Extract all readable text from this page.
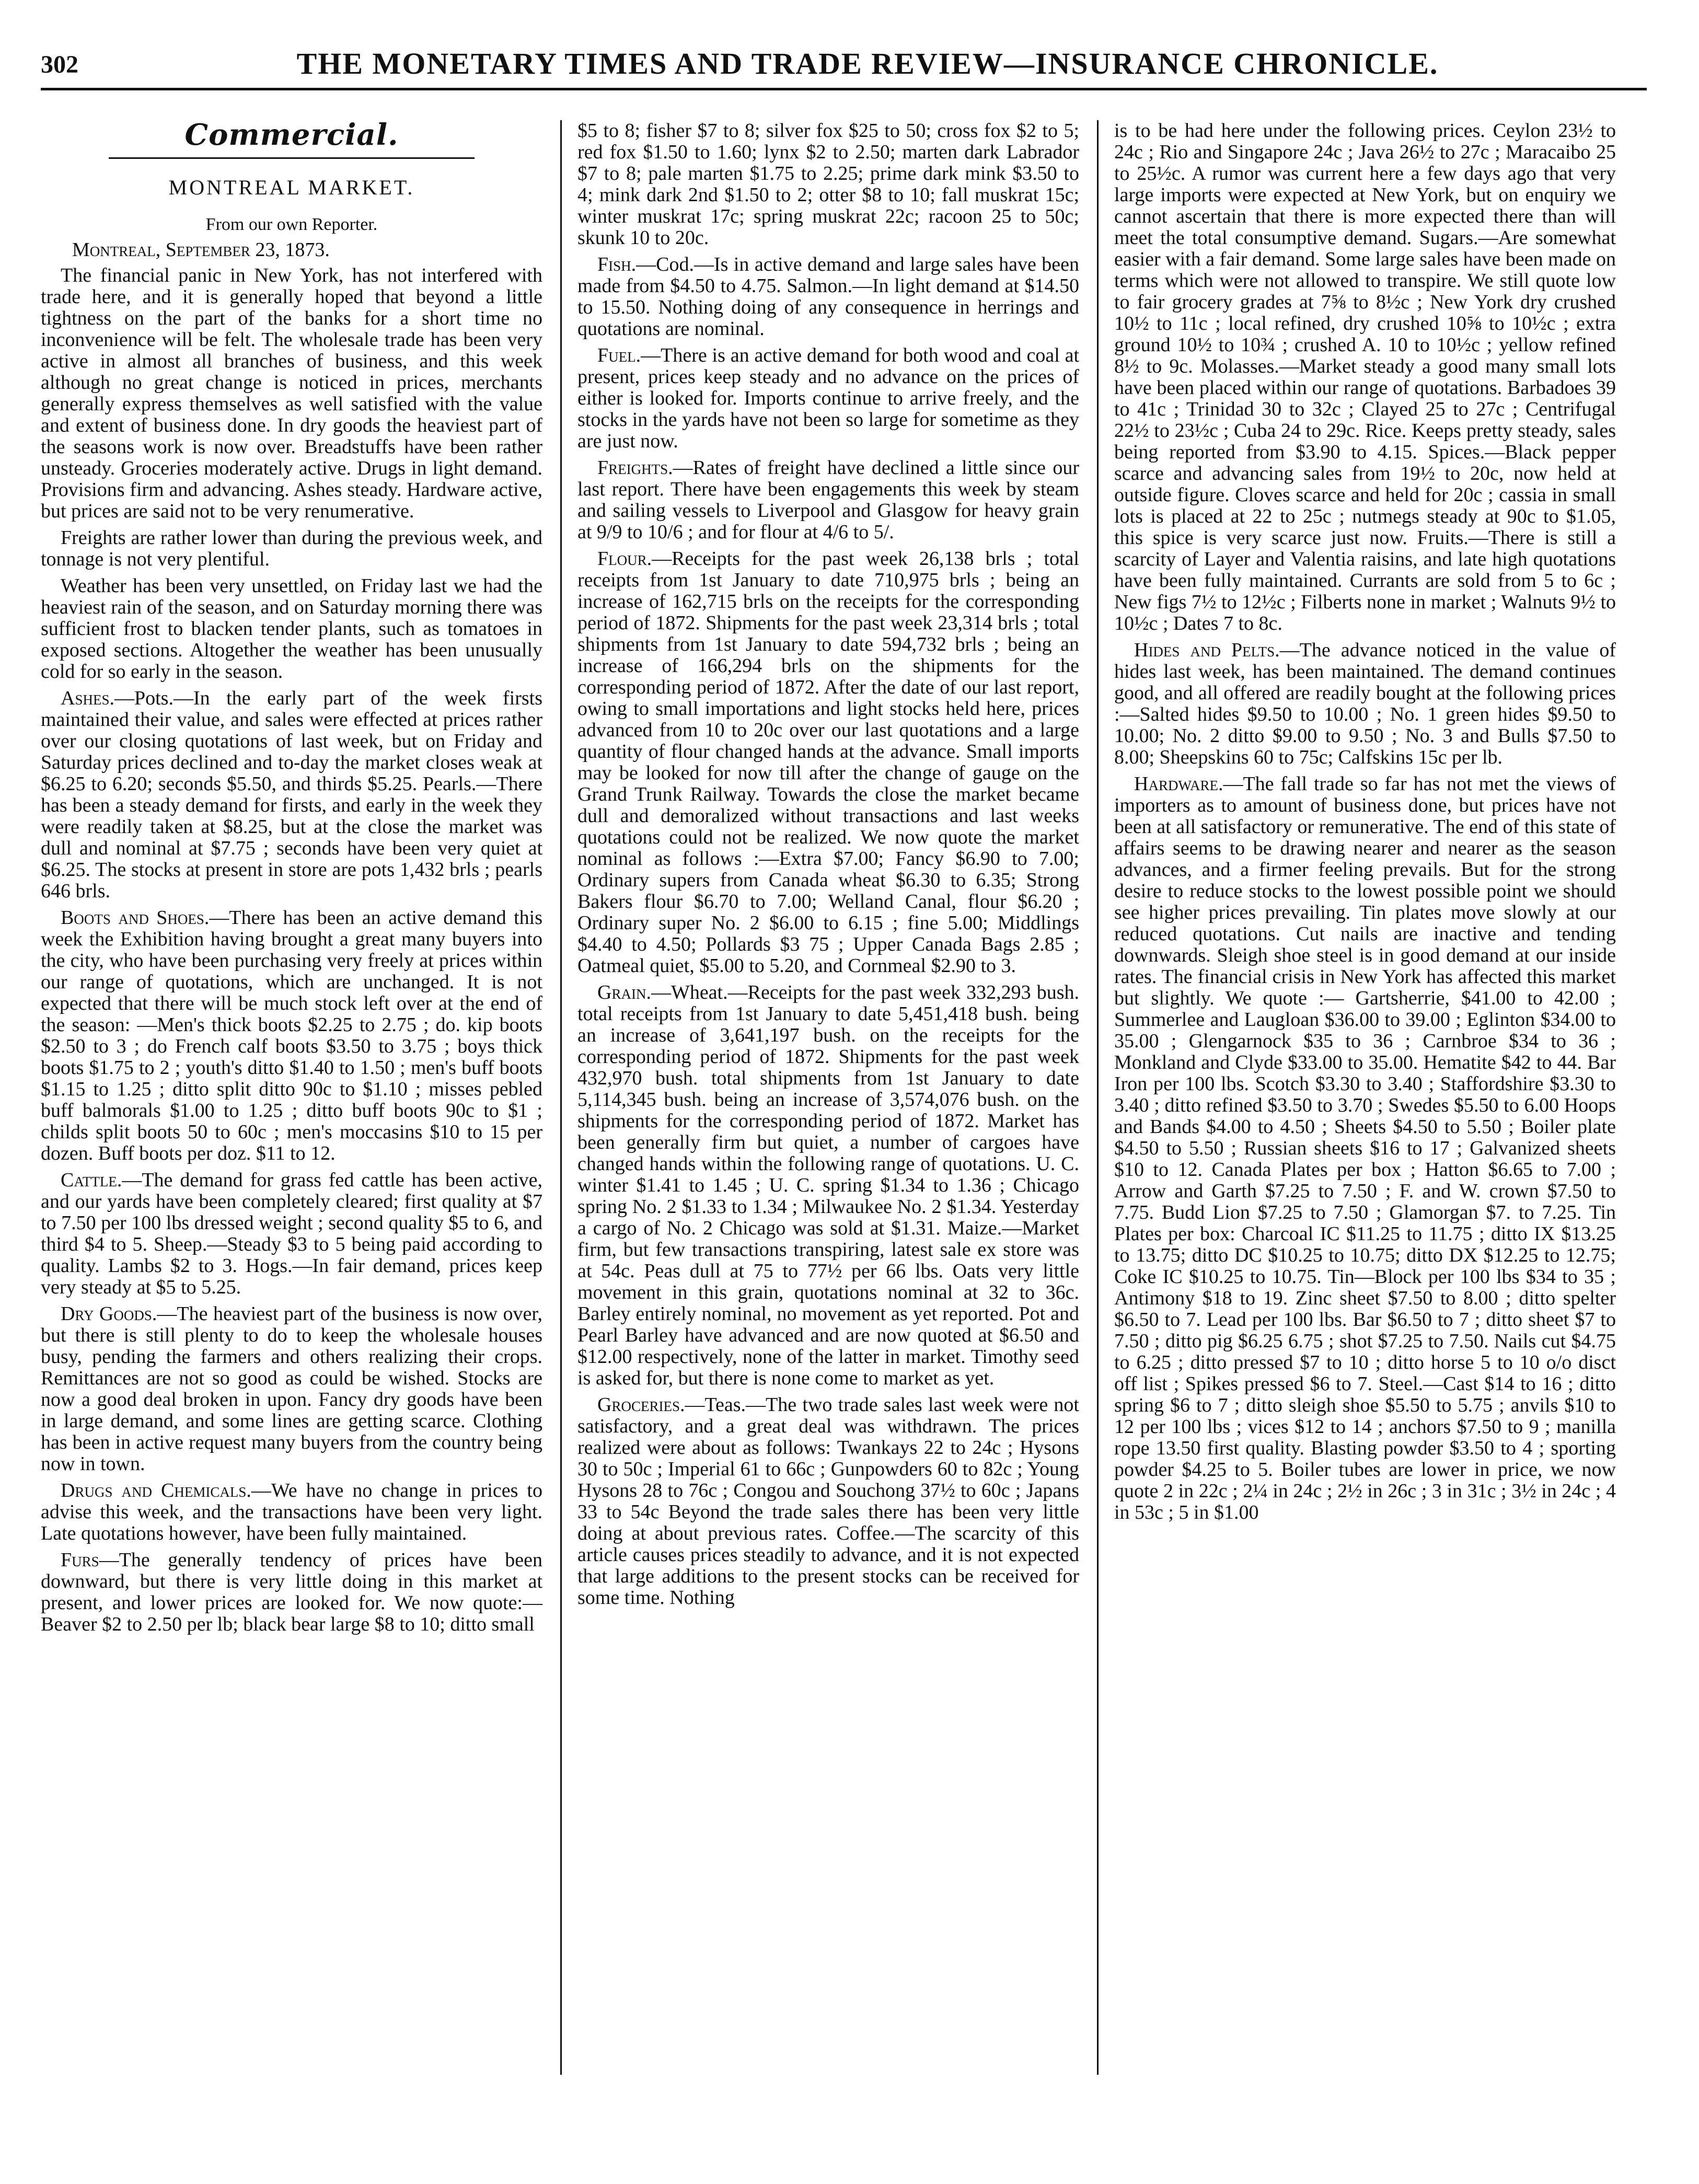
302	THE MONETARY TIMES AND TRADE REVIEW—INSURANCE CHRONICLE.
Commercial.
MONTREAL MARKET.
From our own Reporter.
Montreal, September 23, 1873.

The financial panic in New York, has not interfered with trade here, and it is generally hoped that beyond a little tightness on the part of the banks for a short time no inconvenience will be felt. The wholesale trade has been very active in almost all branches of business, and this week although no great change is noticed in prices, merchants generally express themselves as well satisfied with the value and extent of business done. In dry goods the heaviest part of the seasons work is now over. Breadstuffs have been rather unsteady. Groceries moderately active. Drugs in light demand. Provisions firm and advancing. Ashes steady. Hardware active, but prices are said not to be very renumerative.

Freights are rather lower than during the previous week, and tonnage is not very plentiful.

Weather has been very unsettled, on Friday last we had the heaviest rain of the season, and on Saturday morning there was sufficient frost to blacken tender plants, such as tomatoes in exposed sections. Altogether the weather has been unusually cold for so early in the season.

Ashes.—Pots.—In the early part of the week firsts maintained their value, and sales were effected at prices rather over our closing quotations of last week, but on Friday and Saturday prices declined and to-day the market closes weak at $6.25 to 6.20; seconds $5.50, and thirds $5.25. Pearls.—There has been a steady demand for firsts, and early in the week they were readily taken at $8.25, but at the close the market was dull and nominal at $7.75 ; seconds have been very quiet at $6.25. The stocks at present in store are pots 1,432 brls ; pearls 646 brls.

Boots and Shoes.—There has been an active demand this week the Exhibition having brought a great many buyers into the city, who have been purchasing very freely at prices within our range of quotations, which are unchanged. It is not expected that there will be much stock left over at the end of the season: —Men's thick boots $2.25 to 2.75 ; do. kip boots $2.50 to 3 ; do French calf boots $3.50 to 3.75 ; boys thick boots $1.75 to 2 ; youth's ditto $1.40 to 1.50 ; men's buff boots $1.15 to 1.25 ; ditto split ditto 90c to $1.10 ; misses pebled buff balmorals $1.00 to 1.25 ; ditto buff boots 90c to $1 ; childs split boots 50 to 60c ; men's moccasins $10 to 15 per dozen. Buff boots per doz. $11 to 12.

Cattle.—The demand for grass fed cattle has been active, and our yards have been completely cleared; first quality at $7 to 7.50 per 100 lbs dressed weight ; second quality $5 to 6, and third $4 to 5. Sheep.—Steady $3 to 5 being paid according to quality. Lambs $2 to 3. Hogs.—In fair demand, prices keep very steady at $5 to 5.25.

Dry Goods.—The heaviest part of the business is now over, but there is still plenty to do to keep the wholesale houses busy, pending the farmers and others realizing their crops. Remittances are not so good as could be wished. Stocks are now a good deal broken in upon. Fancy dry goods have been in large demand, and some lines are getting scarce. Clothing has been in active request many buyers from the country being now in town.

Drugs and Chemicals.—We have no change in prices to advise this week, and the transactions have been very light. Late quotations however, have been fully maintained.

Furs—The generally tendency of prices have been downward, but there is very little doing in this market at present, and lower prices are looked for. We now quote:—Beaver $2 to 2.50 per lb; black bear large $8 to 10; ditto small

$5 to 8; fisher $7 to 8; silver fox $25 to 50; cross fox $2 to 5; red fox $1.50 to 1.60; lynx $2 to 2.50; marten dark Labrador $7 to 8; pale marten $1.75 to 2.25; prime dark mink $3.50 to 4; mink dark 2nd $1.50 to 2; otter $8 to 10; fall muskrat 15c; winter muskrat 17c; spring muskrat 22c; racoon 25 to 50c; skunk 10 to 20c.

Fish.—Cod.—Is in active demand and large sales have been made from $4.50 to 4.75. Salmon.—In light demand at $14.50 to 15.50. Nothing doing of any consequence in herrings and quotations are nominal.

Fuel.—There is an active demand for both wood and coal at present, prices keep steady and no advance on the prices of either is looked for. Imports continue to arrive freely, and the stocks in the yards have not been so large for sometime as they are just now.

Freights.—Rates of freight have declined a little since our last report. There have been engagements this week by steam and sailing vessels to Liverpool and Glasgow for heavy grain at 9/9 to 10/6 ; and for flour at 4/6 to 5/.

Flour.—Receipts for the past week 26,138 brls ; total receipts from 1st January to date 710,975 brls ; being an increase of 162,715 brls on the receipts for the corresponding period of 1872. Shipments for the past week 23,314 brls ; total shipments from 1st January to date 594,732 brls ; being an increase of 166,294 brls on the shipments for the corresponding period of 1872. After the date of our last report, owing to small importations and light stocks held here, prices advanced from 10 to 20c over our last quotations and a large quantity of flour changed hands at the advance. Small imports may be looked for now till after the change of gauge on the Grand Trunk Railway. Towards the close the market became dull and demoralized without transactions and last weeks quotations could not be realized. We now quote the market nominal as follows :—Extra $7.00; Fancy $6.90 to 7.00; Ordinary supers from Canada wheat $6.30 to 6.35; Strong Bakers flour $6.70 to 7.00; Welland Canal, flour $6.20 ; Ordinary super No. 2 $6.00 to 6.15 ; fine 5.00; Middlings $4.40 to 4.50; Pollards $3 75 ; Upper Canada Bags 2.85 ; Oatmeal quiet, $5.00 to 5.20, and Cornmeal $2.90 to 3.

Grain.—Wheat.—Receipts for the past week 332,293 bush. total receipts from 1st January to date 5,451,418 bush. being an increase of 3,641,197 bush. on the receipts for the corresponding period of 1872. Shipments for the past week 432,970 bush. total shipments from 1st January to date 5,114,345 bush. being an increase of 3,574,076 bush. on the shipments for the corresponding period of 1872. Market has been generally firm but quiet, a number of cargoes have changed hands within the following range of quotations. U. C. winter $1.41 to 1.45 ; U. C. spring $1.34 to 1.36 ; Chicago spring No. 2 $1.33 to 1.34 ; Milwaukee No. 2 $1.34. Yesterday a cargo of No. 2 Chicago was sold at $1.31. Maize.—Market firm, but few transactions transpiring, latest sale ex store was at 54c. Peas dull at 75 to 77½ per 66 lbs. Oats very little movement in this grain, quotations nominal at 32 to 36c. Barley entirely nominal, no movement as yet reported. Pot and Pearl Barley have advanced and are now quoted at $6.50 and $12.00 respectively, none of the latter in market. Timothy seed is asked for, but there is none come to market as yet.

Groceries.—Teas.—The two trade sales last week were not satisfactory, and a great deal was withdrawn. The prices realized were about as follows: Twankays 22 to 24c ; Hysons 30 to 50c ; Imperial 61 to 66c ; Gunpowders 60 to 82c ; Young Hysons 28 to 76c ; Congou and Souchong 37½ to 60c ; Japans 33 to 54c Beyond the trade sales there has been very little doing at about previous rates. Coffee.—The scarcity of this article causes prices steadily to advance, and it is not expected that large additions to the present stocks can be received for some time. Nothing

is to be had here under the following prices. Ceylon 23½ to 24c ; Rio and Singapore 24c ; Java 26½ to 27c ; Maracaibo 25 to 25½c. A rumor was current here a few days ago that very large imports were expected at New York, but on enquiry we cannot ascertain that there is more expected there than will meet the total consumptive demand. Sugars.—Are somewhat easier with a fair demand. Some large sales have been made on terms which were not allowed to transpire. We still quote low to fair grocery grades at 7⅝ to 8½c ; New York dry crushed 10½ to 11c ; local refined, dry crushed 10⅝ to 10½c ; extra ground 10½ to 10¾ ; crushed A. 10 to 10½c ; yellow refined 8½ to 9c. Molasses.—Market steady a good many small lots have been placed within our range of quotations. Barbadoes 39 to 41c ; Trinidad 30 to 32c ; Clayed 25 to 27c ; Centrifugal 22½ to 23½c ; Cuba 24 to 29c. Rice. Keeps pretty steady, sales being reported from $3.90 to 4.15. Spices.—Black pepper scarce and advancing sales from 19½ to 20c, now held at outside figure. Cloves scarce and held for 20c ; cassia in small lots is placed at 22 to 25c ; nutmegs steady at 90c to $1.05, this spice is very scarce just now. Fruits.—There is still a scarcity of Layer and Valentia raisins, and late high quotations have been fully maintained. Currants are sold from 5 to 6c ; New figs 7½ to 12½c ; Filberts none in market ; Walnuts 9½ to 10½c ; Dates 7 to 8c.

Hides and Pelts.—The advance noticed in the value of hides last week, has been maintained. The demand continues good, and all offered are readily bought at the following prices :—Salted hides $9.50 to 10.00 ; No. 1 green hides $9.50 to 10.00; No. 2 ditto $9.00 to 9.50 ; No. 3 and Bulls $7.50 to 8.00; Sheepskins 60 to 75c; Calfskins 15c per lb.

Hardware.—The fall trade so far has not met the views of importers as to amount of business done, but prices have not been at all satisfactory or remunerative. The end of this state of affairs seems to be drawing nearer and nearer as the season advances, and a firmer feeling prevails. But for the strong desire to reduce stocks to the lowest possible point we should see higher prices prevailing. Tin plates move slowly at our reduced quotations. Cut nails are inactive and tending downwards. Sleigh shoe steel is in good demand at our inside rates. The financial crisis in New York has affected this market but slightly. We quote :— Gartsherrie, $41.00 to 42.00 ; Summerlee and Laugloan $36.00 to 39.00 ; Eglinton $34.00 to 35.00 ; Glengarnock $35 to 36 ; Carnbroe $34 to 36 ; Monkland and Clyde $33.00 to 35.00. Hematite $42 to 44. Bar Iron per 100 lbs. Scotch $3.30 to 3.40 ; Staffordshire $3.30 to 3.40 ; ditto refined $3.50 to 3.70 ; Swedes $5.50 to 6.00 Hoops and Bands $4.00 to 4.50 ; Sheets $4.50 to 5.50 ; Boiler plate $4.50 to 5.50 ; Russian sheets $16 to 17 ; Galvanized sheets $10 to 12. Canada Plates per box ; Hatton $6.65 to 7.00 ; Arrow and Garth $7.25 to 7.50 ; F. and W. crown $7.50 to 7.75. Budd Lion $7.25 to 7.50 ; Glamorgan $7. to 7.25. Tin Plates per box: Charcoal IC $11.25 to 11.75 ; ditto IX $13.25 to 13.75; ditto DC $10.25 to 10.75; ditto DX $12.25 to 12.75; Coke IC $10.25 to 10.75. Tin—Block per 100 lbs $34 to 35 ; Antimony $18 to 19. Zinc sheet $7.50 to 8.00 ; ditto spelter $6.50 to 7. Lead per 100 lbs. Bar $6.50 to 7 ; ditto sheet $7 to 7.50 ; ditto pig $6.25 6.75 ; shot $7.25 to 7.50. Nails cut $4.75 to 6.25 ; ditto pressed $7 to 10 ; ditto horse 5 to 10 o/o disct off list ; Spikes pressed $6 to 7. Steel.—Cast $14 to 16 ; ditto spring $6 to 7 ; ditto sleigh shoe $5.50 to 5.75 ; anvils $10 to 12 per 100 lbs ; vices $12 to 14 ; anchors $7.50 to 9 ; manilla rope 13.50 first quality. Blasting powder $3.50 to 4 ; sporting powder $4.25 to 5. Boiler tubes are lower in price, we now quote 2 in 22c ; 2¼ in 24c ; 2½ in 26c ; 3 in 31c ; 3½ in 24c ; 4 in 53c ; 5 in $1.00
